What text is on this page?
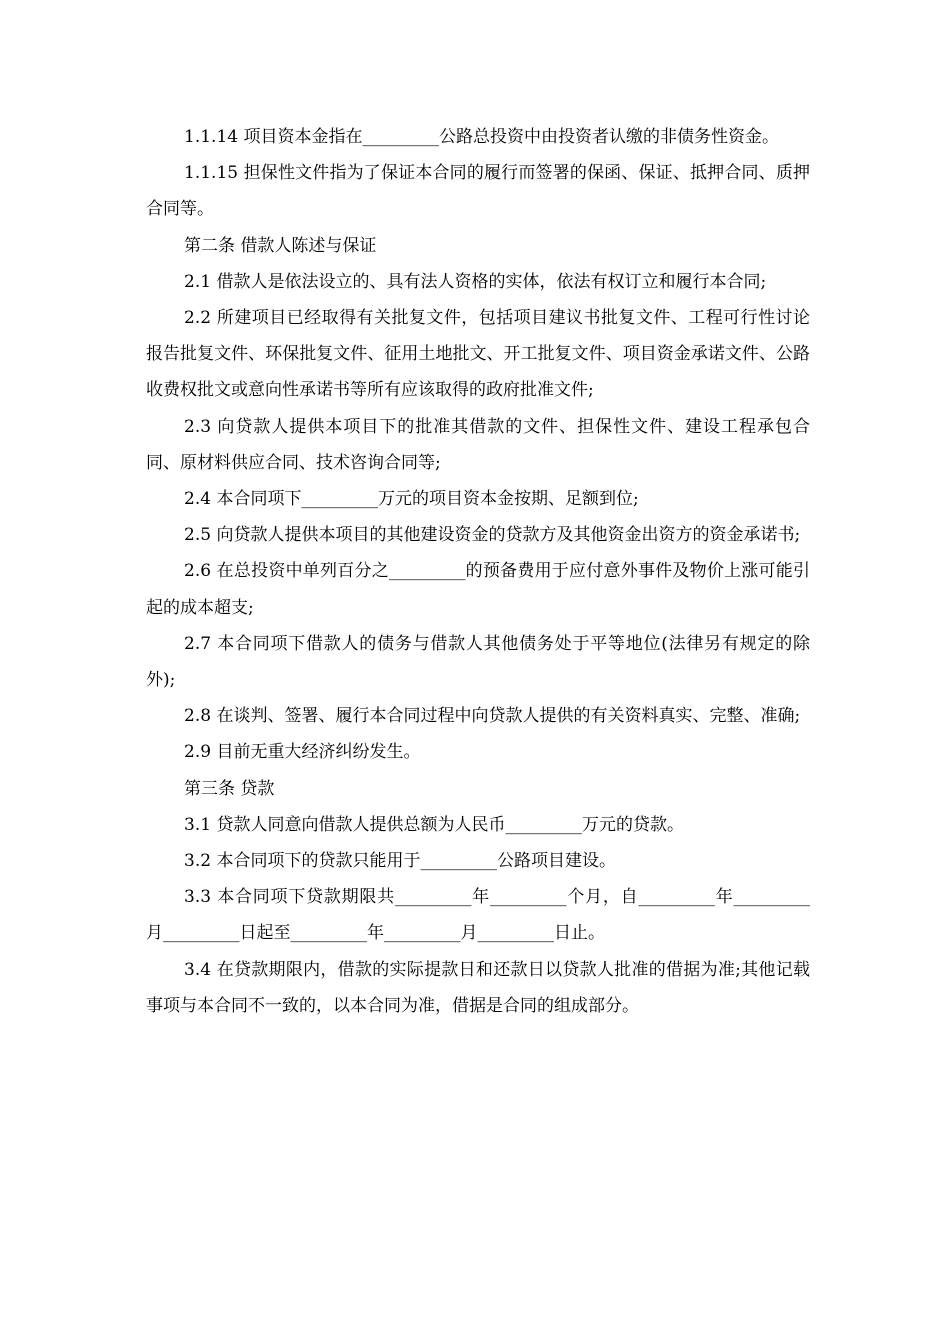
1.1.14 项目资本金指在_________公路总投资中由投资者认缴的非债务性资金。

1.1.15 担保性文件指为了保证本合同的履行而签署的保函、保证、抵押合同、质押合同等。

第二条 借款人陈述与保证

2.1 借款人是依法设立的、具有法人资格的实体，依法有权订立和履行本合同;

2.2 所建项目已经取得有关批复文件，包括项目建议书批复文件、工程可行性讨论报告批复文件、环保批复文件、征用土地批文、开工批复文件、项目资金承诺文件、公路收费权批文或意向性承诺书等所有应该取得的政府批准文件;

2.3 向贷款人提供本项目下的批准其借款的文件、担保性文件、建设工程承包合同、原材料供应合同、技术咨询合同等;

2.4 本合同项下_________万元的项目资本金按期、足额到位;

2.5 向贷款人提供本项目的其他建设资金的贷款方及其他资金出资方的资金承诺书;

2.6 在总投资中单列百分之_________的预备费用于应付意外事件及物价上涨可能引起的成本超支;

2.7 本合同项下借款人的债务与借款人其他债务处于平等地位(法律另有规定的除外);

2.8 在谈判、签署、履行本合同过程中向贷款人提供的有关资料真实、完整、准确;

2.9 目前无重大经济纠纷发生。

第三条 贷款

3.1 贷款人同意向借款人提供总额为人民币_________万元的贷款。

3.2 本合同项下的贷款只能用于_________公路项目建设。

3.3 本合同项下贷款期限共_________年_________个月，自_________年_________月_________日起至_________年_________月_________日止。

3.4 在贷款期限内，借款的实际提款日和还款日以贷款人批准的借据为准;其他记载事项与本合同不一致的，以本合同为准，借据是合同的组成部分。
